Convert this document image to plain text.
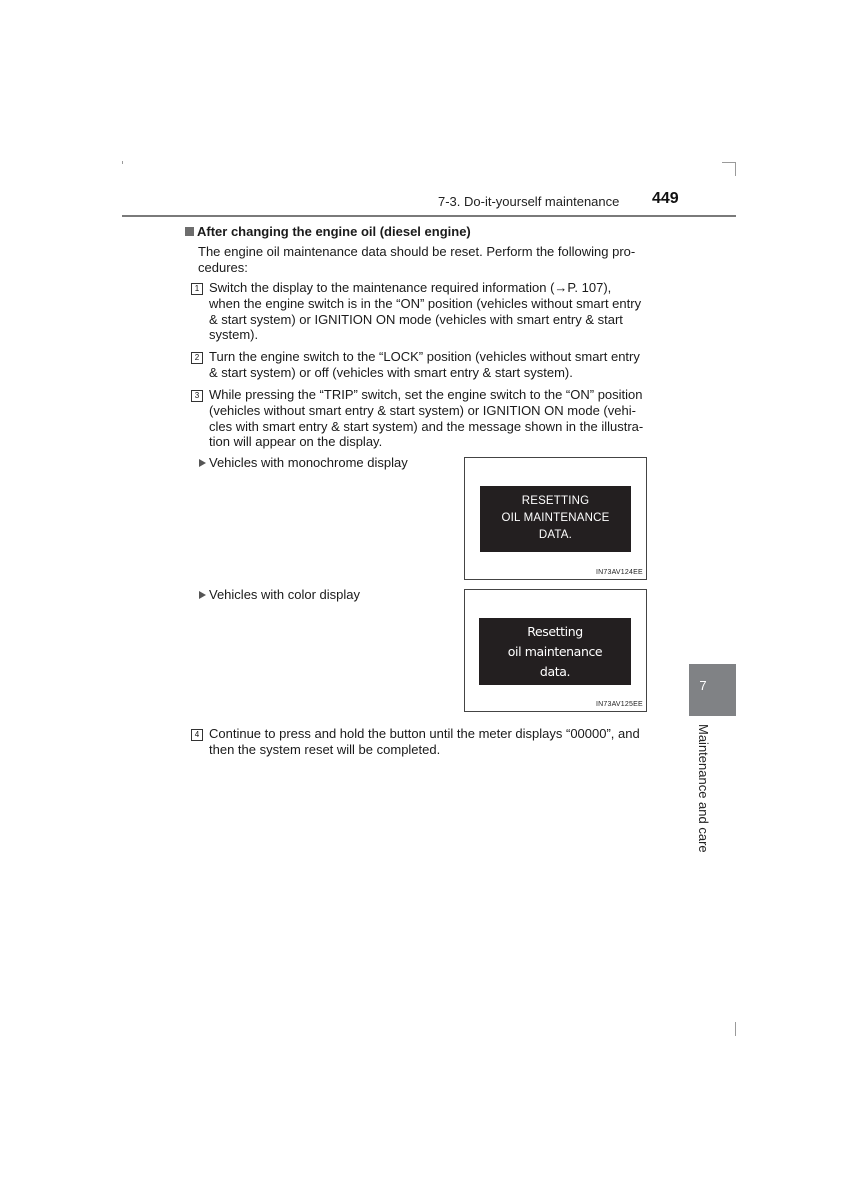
7-3. Do-it-yourself maintenance 449
After changing the engine oil (diesel engine)
The engine oil maintenance data should be reset. Perform the following pro-
cedures:
1 Switch the display to the maintenance required information (→P. 107),
when the engine switch is in the “ON” position (vehicles without smart entry
& start system) or IGNITION ON mode (vehicles with smart entry & start
system).
2 Turn the engine switch to the “LOCK” position (vehicles without smart entry
& start system) or off (vehicles with smart entry & start system).
3 While pressing the “TRIP” switch, set the engine switch to the “ON” position
(vehicles without smart entry & start system) or IGNITION ON mode (vehi-
cles with smart entry & start system) and the message shown in the illustra-
tion will appear on the display.
Vehicles with monochrome display
RESETTING
OIL MAINTENANCE
DATA.
IN73AV124EE
Vehicles with color display
Resetting
oil maintenance
data.
IN73AV125EE
4 Continue to press and hold the button until the meter displays “00000”, and
then the system reset will be completed.
7
Maintenance and care
